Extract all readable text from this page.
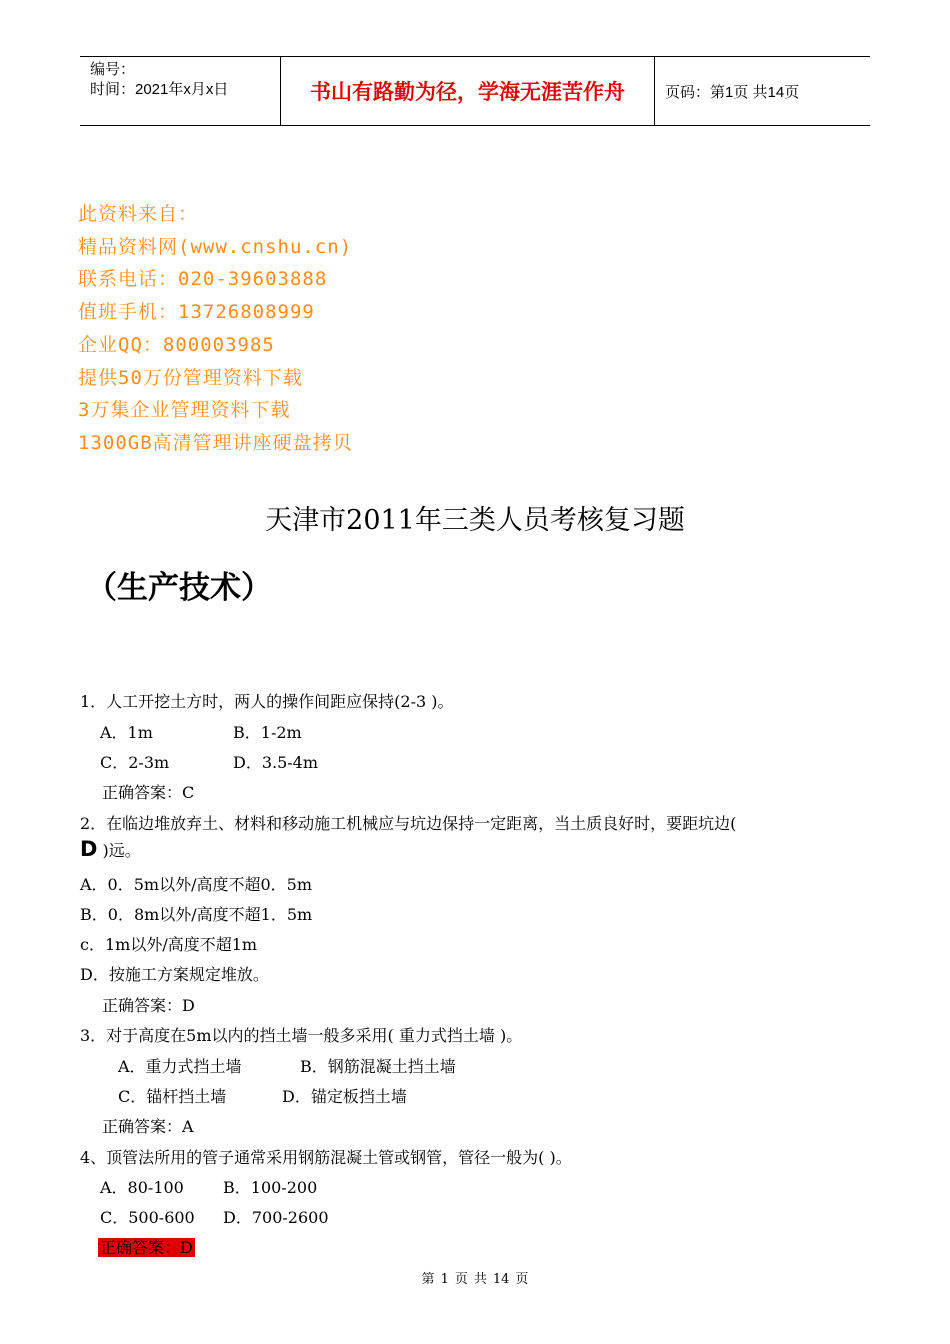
编号：
时间：2021年x月x日	书山有路勤为径，学海无涯苦作舟	页码：第1页 共14页
此资料来自：
精品资料网(www.cnshu.cn)
联系电话：020-39603888
值班手机：13726808999
企业QQ：800003985
提供50万份管理资料下载
3万集企业管理资料下载
1300GB高清管理讲座硬盘拷贝
天津市2011年三类人员考核复习题
（生产技术）
1．人工开挖土方时，两人的操作间距应保持(2-3 )。
A．1m	B．1-2m
C．2-3m	D．3.5-4m
正确答案：C
2．在临边堆放弃土、材料和移动施工机械应与坑边保持一定距离，当土质良好时，要距坑边(
D )远。
A．0．5m以外/高度不超0．5m
B．0．8m以外/高度不超1．5m
c．1m以外/高度不超1m
D．按施工方案规定堆放。
正确答案：D
3．对于高度在5m以内的挡土墙一般多采用( 重力式挡土墙 )。
A．重力式挡土墙	B．钢筋混凝土挡土墙
C．锚杆挡土墙	D．锚定板挡土墙
正确答案：A
4、顶管法所用的管子通常采用钢筋混凝土管或钢管，管径一般为( )。
A．80-100 B．100-200
C．500-600 D．700-2600
正确答案：D
第 1 页 共 14 页
